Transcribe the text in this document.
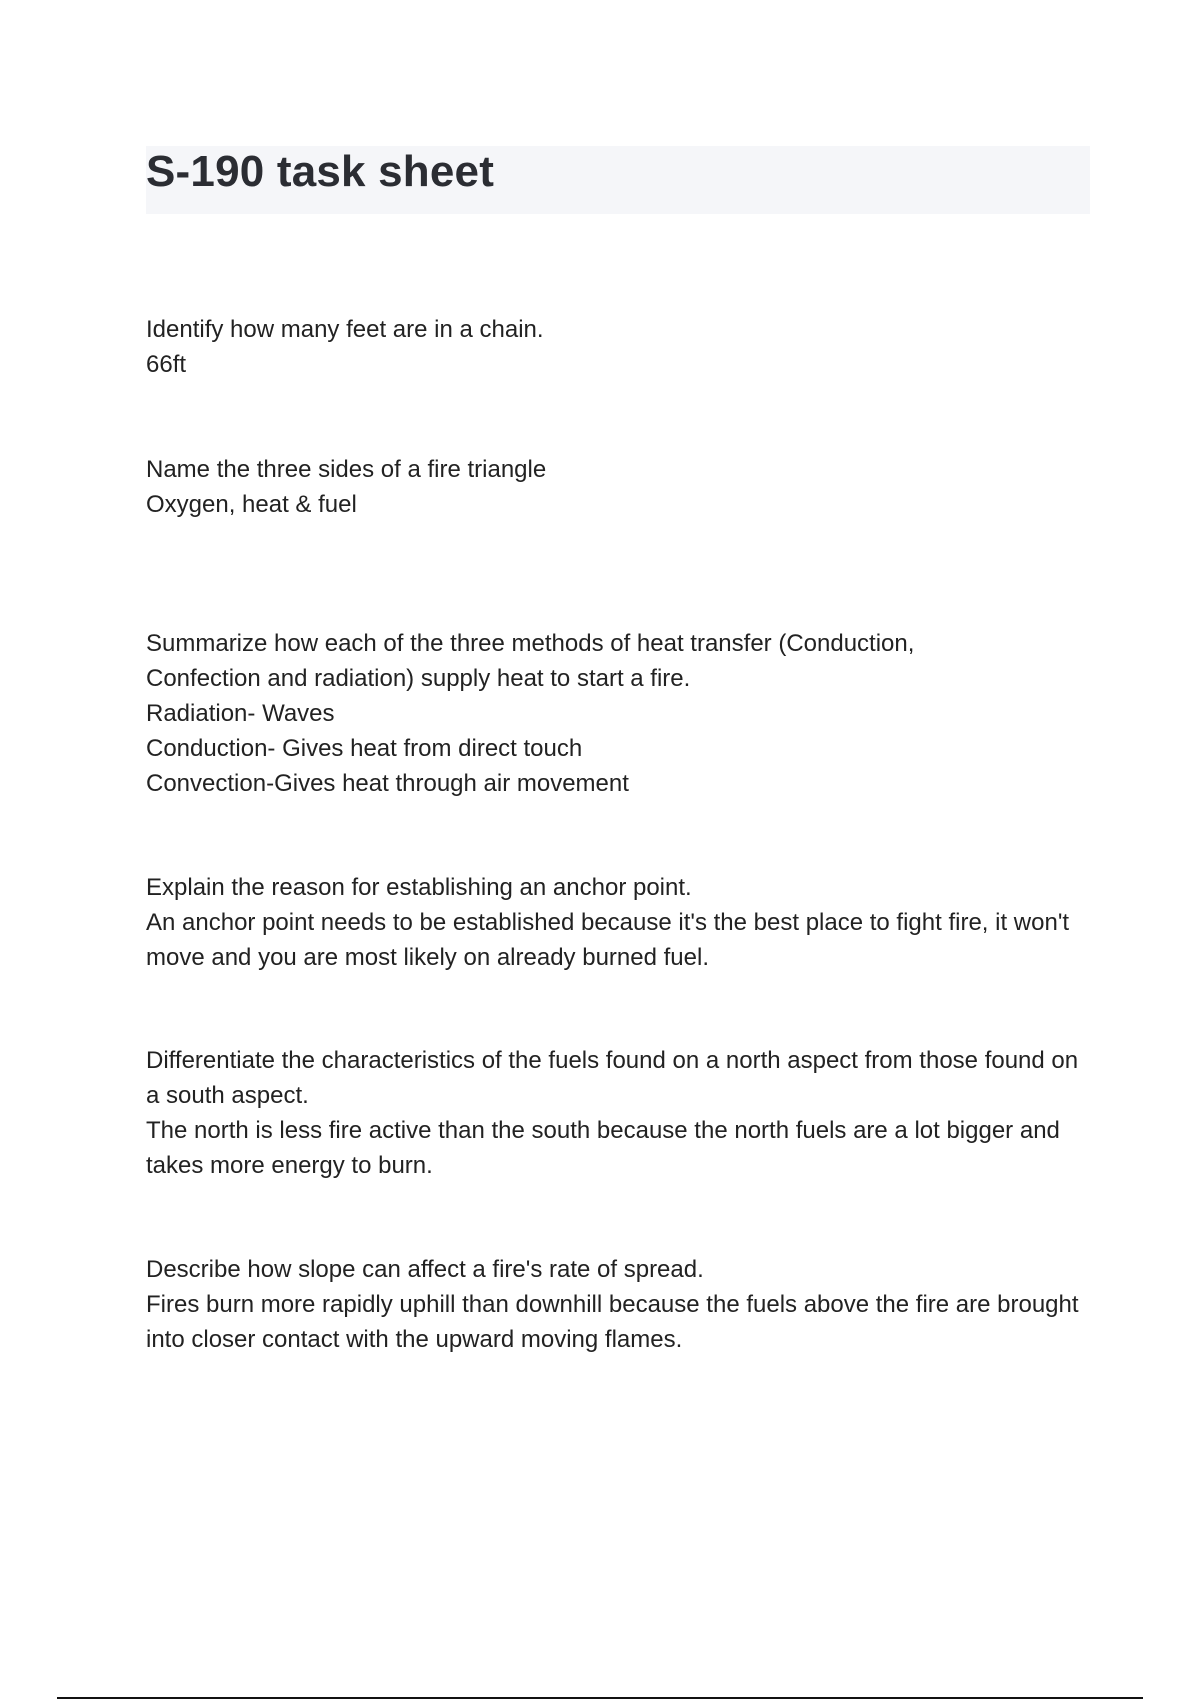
S-190 task sheet

Identify how many feet are in a chain.

66ft

Name the three sides of a fire triangle

Oxygen, heat & fuel

Summarize how each of the three methods of heat transfer (Conduction, Confection and radiation) supply heat to start a fire.

Radiation- Waves

Conduction- Gives heat from direct touch

Convection-Gives heat through air movement

Explain the reason for establishing an anchor point.

An anchor point needs to be established because it's the best place to fight fire, it won't move and you are most likely on already burned fuel.

Differentiate the characteristics of the fuels found on a north aspect from those found on a south aspect.

The north is less fire active than the south because the north fuels are a lot bigger and takes more energy to burn.

Describe how slope can affect a fire's rate of spread.

Fires burn more rapidly uphill than downhill because the fuels above the fire are brought into closer contact with the upward moving flames.
